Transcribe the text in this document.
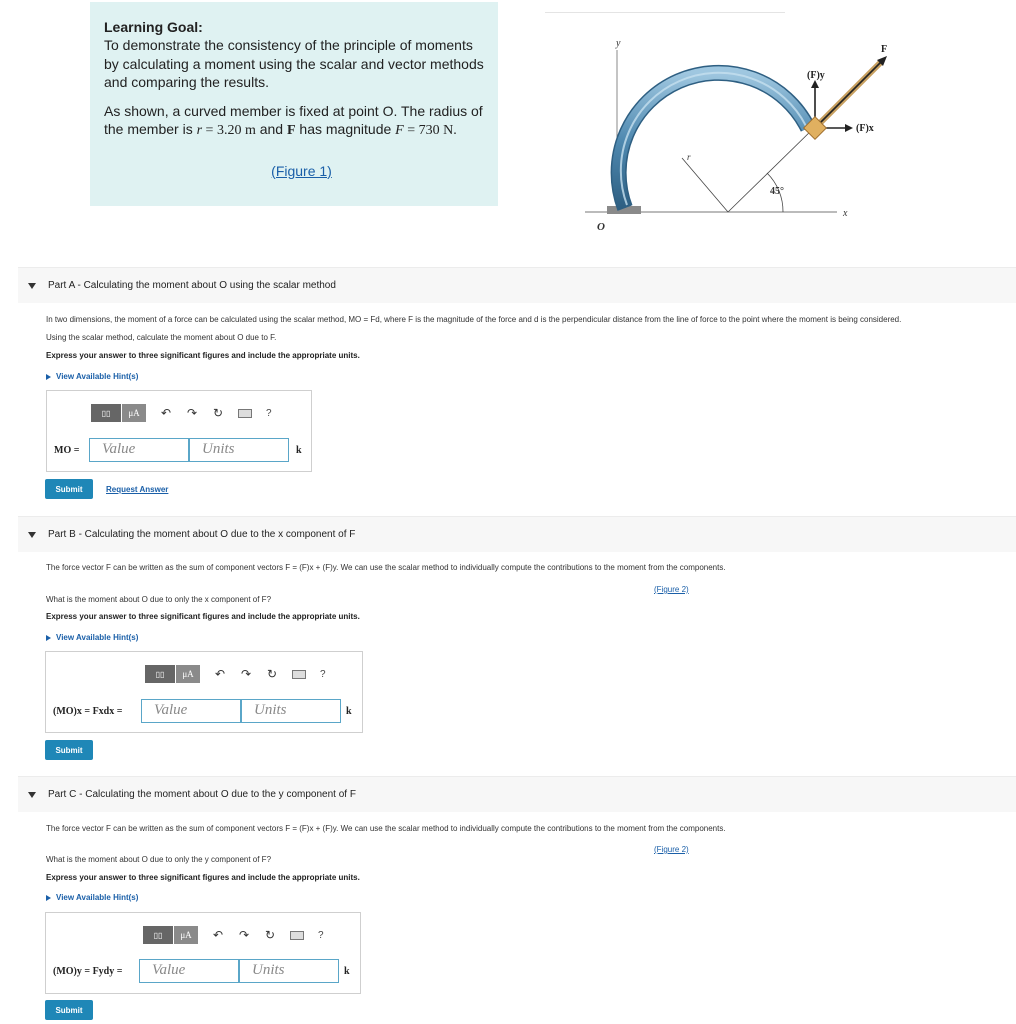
Learning Goal:

To demonstrate the consistency of the principle of moments by calculating a moment using the scalar and vector methods and comparing the results.

As shown, a curved member is fixed at point O. The radius of the member is r = 3.20 m and F has magnitude F = 730 N.

(Figure 1)
y
x
O
r
45°
(F)y
(F)x
F
Part A - Calculating the moment about O using the scalar method
In two dimensions, the moment of a force can be calculated using the scalar method, MO = Fd, where F is the magnitude of the force and d is the perpendicular distance from the line of force to the point where the moment is being considered.
Using the scalar method, calculate the moment about O due to F.
Express your answer to three significant figures and include the appropriate units.
View Available Hint(s)
▯▯	μA	↶ ↷ ↻	?
MO =	Value	Units	k
Submit	Request Answer
Part B - Calculating the moment about O due to the x component of F
The force vector F can be written as the sum of component vectors F = (F)x + (F)y. We can use the scalar method to individually compute the contributions to the moment from the components.
(Figure 2)
What is the moment about O due to only the x component of F?
Express your answer to three significant figures and include the appropriate units.
View Available Hint(s)
▯▯	μA	↶ ↷ ↻	?
(MO)x = Fxdx =	Value	Units	k
Submit
Part C - Calculating the moment about O due to the y component of F
The force vector F can be written as the sum of component vectors F = (F)x + (F)y. We can use the scalar method to individually compute the contributions to the moment from the components.
(Figure 2)
What is the moment about O due to only the y component of F?
Express your answer to three significant figures and include the appropriate units.
View Available Hint(s)
▯▯	μA	↶ ↷ ↻	?
(MO)y = Fydy =	Value	Units	k
Submit
